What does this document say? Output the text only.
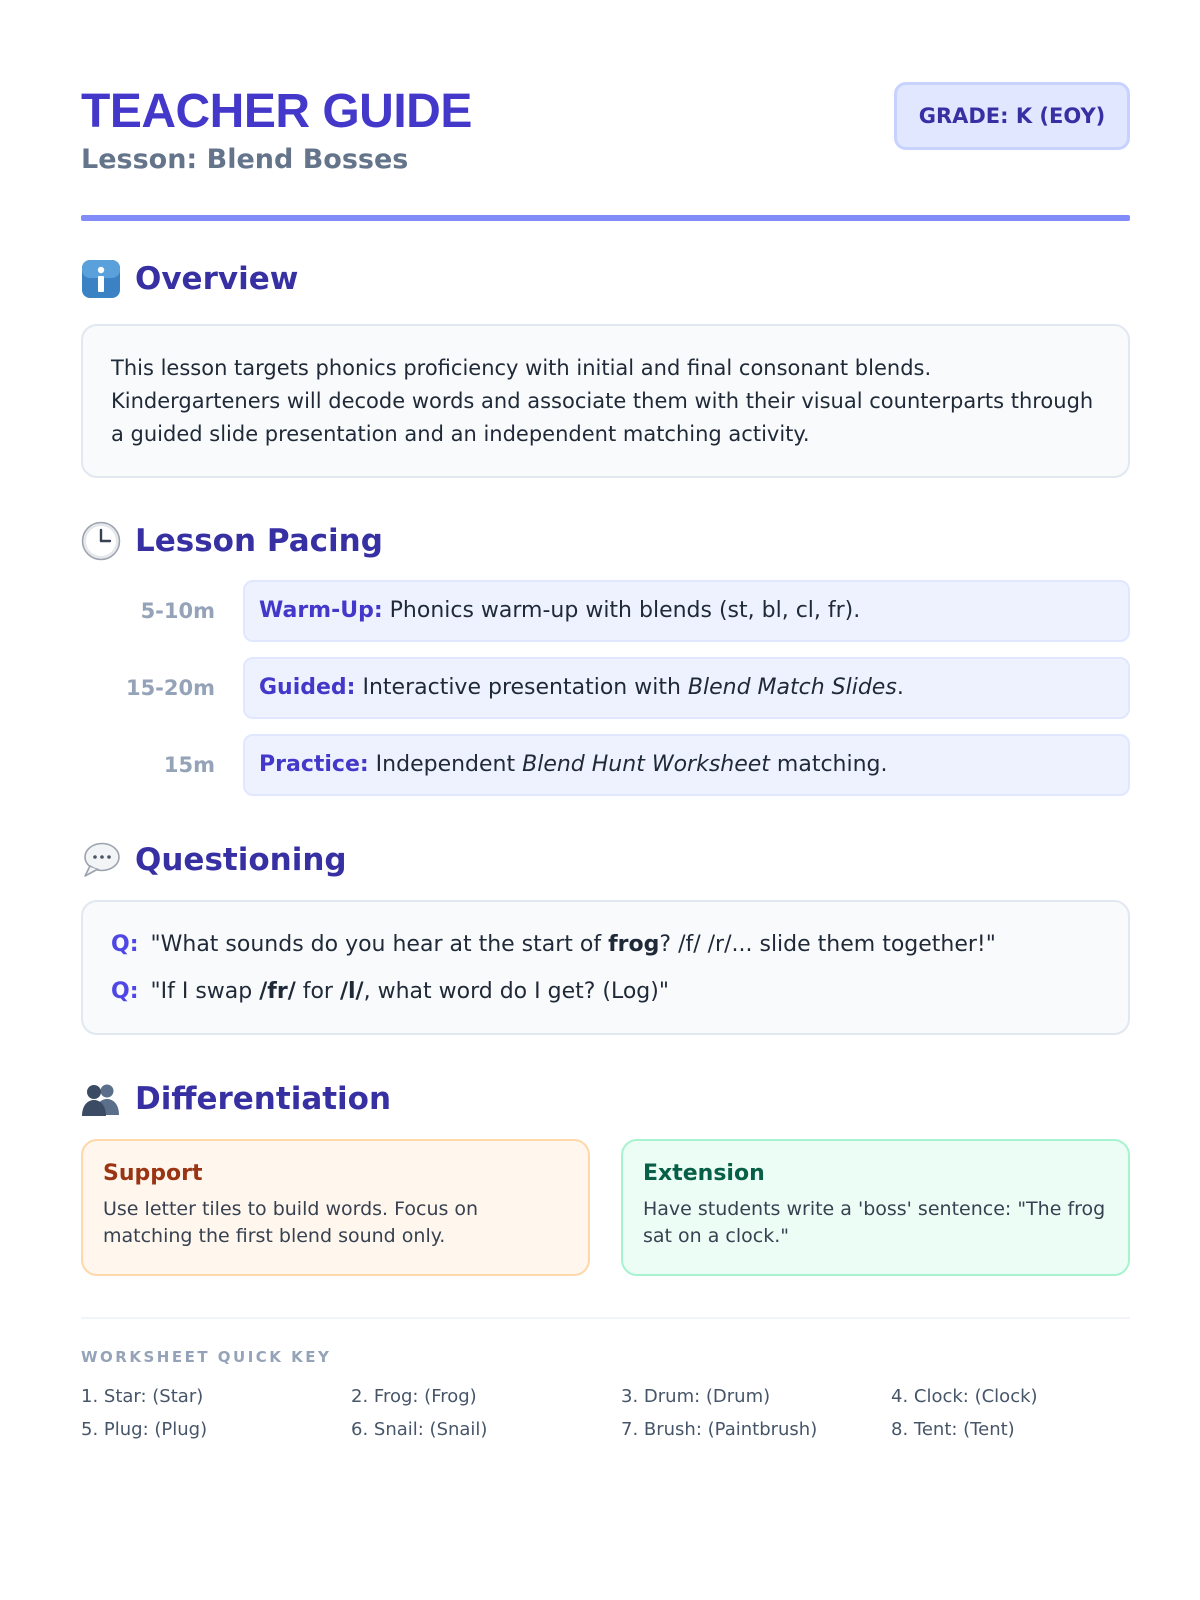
TEACHER GUIDE

Lesson: Blend Bosses

GRADE: K (EOY)
Overview

This lesson targets phonics proficiency with initial and final consonant blends. Kindergarteners will decode words and associate them with their visual counterparts through a guided slide presentation and an independent matching activity.

Lesson Pacing
5-10m	Warm-Up: Phonics warm-up with blends (st, bl, cl, fr).
15-20m	Guided: Interactive presentation with Blend Match Slides.
15m	Practice: Independent Blend Hunt Worksheet matching.
Questioning
Q: "What sounds do you hear at the start of frog? /f/ /r/... slide them together!"
Q: "If I swap /fr/ for /l/, what word do I get? (Log)"
Differentiation
Support

Use letter tiles to build words. Focus on matching the first blend sound only.

Extension

Have students write a 'boss' sentence: "The frog sat on a clock."

WORKSHEET QUICK KEY

1. Star: (Star)	2. Frog: (Frog)	3. Drum: (Drum)	4. Clock: (Clock)
5. Plug: (Plug)	6. Snail: (Snail)	7. Brush: (Paintbrush)	8. Tent: (Tent)
